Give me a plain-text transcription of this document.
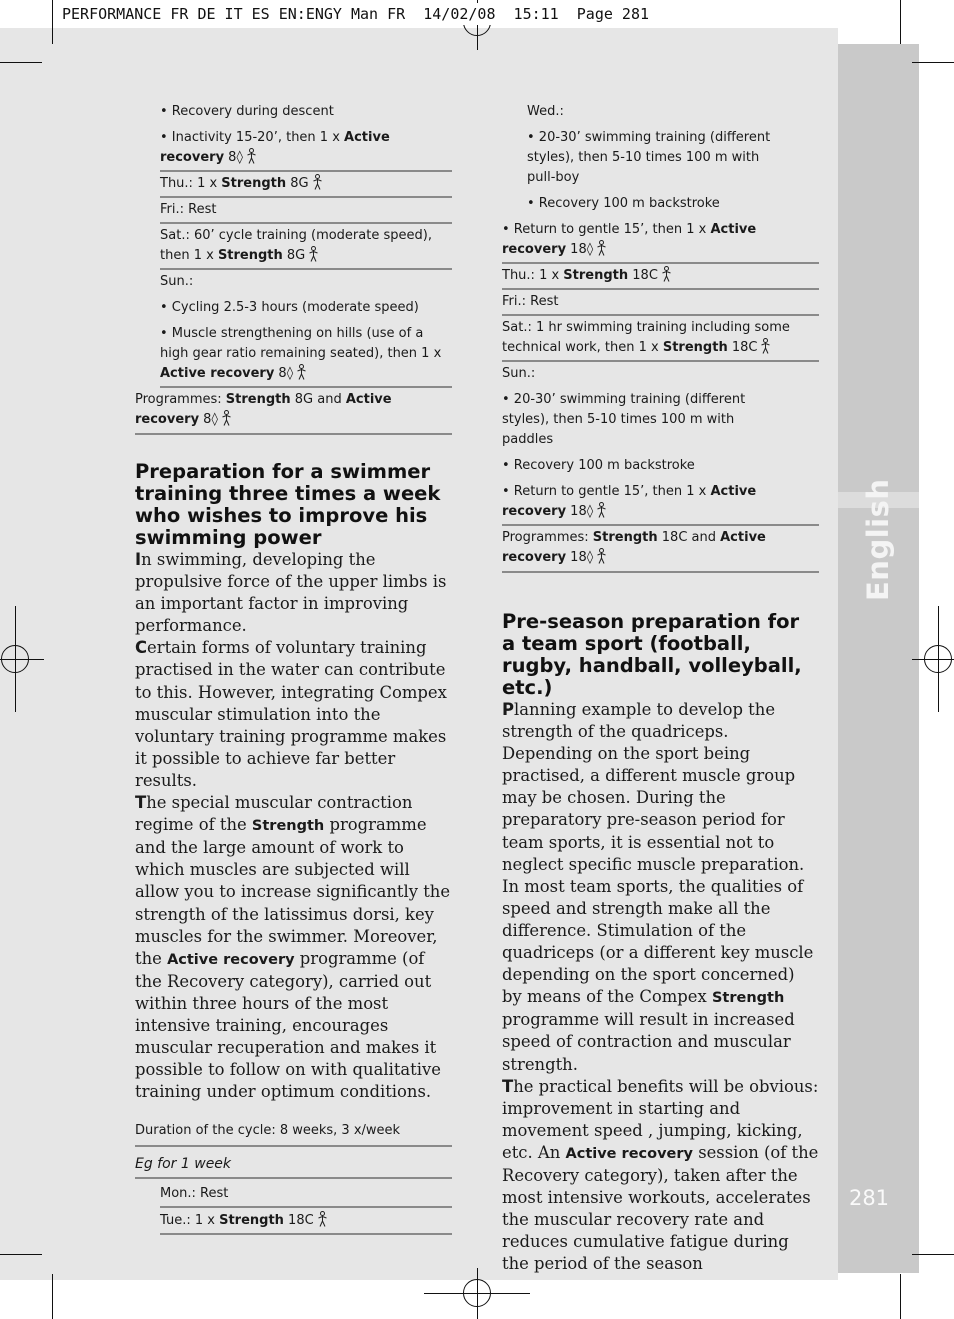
English
281
PERFORMANCE FR DE IT ES EN:ENGY Man FR  14/02/08  15:11  Page 281
• Recovery during descent
• Inactivity 15-20’, then 1 x Active
recovery 8◊
Thu.: 1 x Strength 8G
Fri.: Rest
Sat.: 60’ cycle training (moderate speed),
then 1 x Strength 8G
Sun.:
• Cycling 2.5-3 hours (moderate speed)
• Muscle strengthening on hills (use of a
high gear ratio remaining seated), then 1 x
Active recovery 8◊
Programmes: Strength 8G and Active
recovery 8◊
Preparation for a swimmer training three times a week who wishes to improve his swimming power
In swimming, developing the propulsive force of the upper limbs is an important factor in improving performance.
Certain forms of voluntary training practised in the water can contribute to this. However, integrating Compex muscular stimulation into the voluntary training programme makes it possible to achieve far better results.
The special muscular contraction regime of the Strength programme and the large amount of work to which muscles are subjected will allow you to increase significantly the strength of the latissimus dorsi, key muscles for the swimmer. Moreover, the Active recovery programme (of the Recovery category), carried out within three hours of the most intensive training, encourages muscular recuperation and makes it possible to follow on with qualitative training under optimum conditions.
Duration of the cycle: 8 weeks, 3 x/week
Eg for 1 week
Mon.: Rest
Tue.: 1 x Strength 18C
Wed.:
• 20-30’ swimming training (different
styles), then 5-10 times 100 m with
pull-boy
• Recovery 100 m backstroke
• Return to gentle 15’, then 1 x Active
recovery 18◊
Thu.: 1 x Strength 18C
Fri.: Rest
Sat.: 1 hr swimming training including some
technical work, then 1 x Strength 18C
Sun.:
• 20-30’ swimming training (different
styles), then 5-10 times 100 m with
paddles
• Recovery 100 m backstroke
• Return to gentle 15’, then 1 x Active
recovery 18◊
Programmes: Strength 18C and Active
recovery 18◊
Pre-season preparation for a team sport (football, rugby, handball, volleyball, etc.)
Planning example to develop the strength of the quadriceps. Depending on the sport being practised, a different muscle group may be chosen. During the preparatory pre-season period for team sports, it is essential not to neglect specific muscle preparation. In most team sports, the qualities of speed and strength make all the difference. Stimulation of the quadriceps (or a different key muscle depending on the sport concerned) by means of the Compex Strength programme will result in increased speed of contraction and muscular strength.
The practical benefits will be obvious: improvement in starting and movement speed , jumping, kicking, etc. An Active recovery session (of the Recovery category), taken after the most intensive workouts, accelerates the muscular recovery rate and reduces cumulative fatigue during the period of the season
